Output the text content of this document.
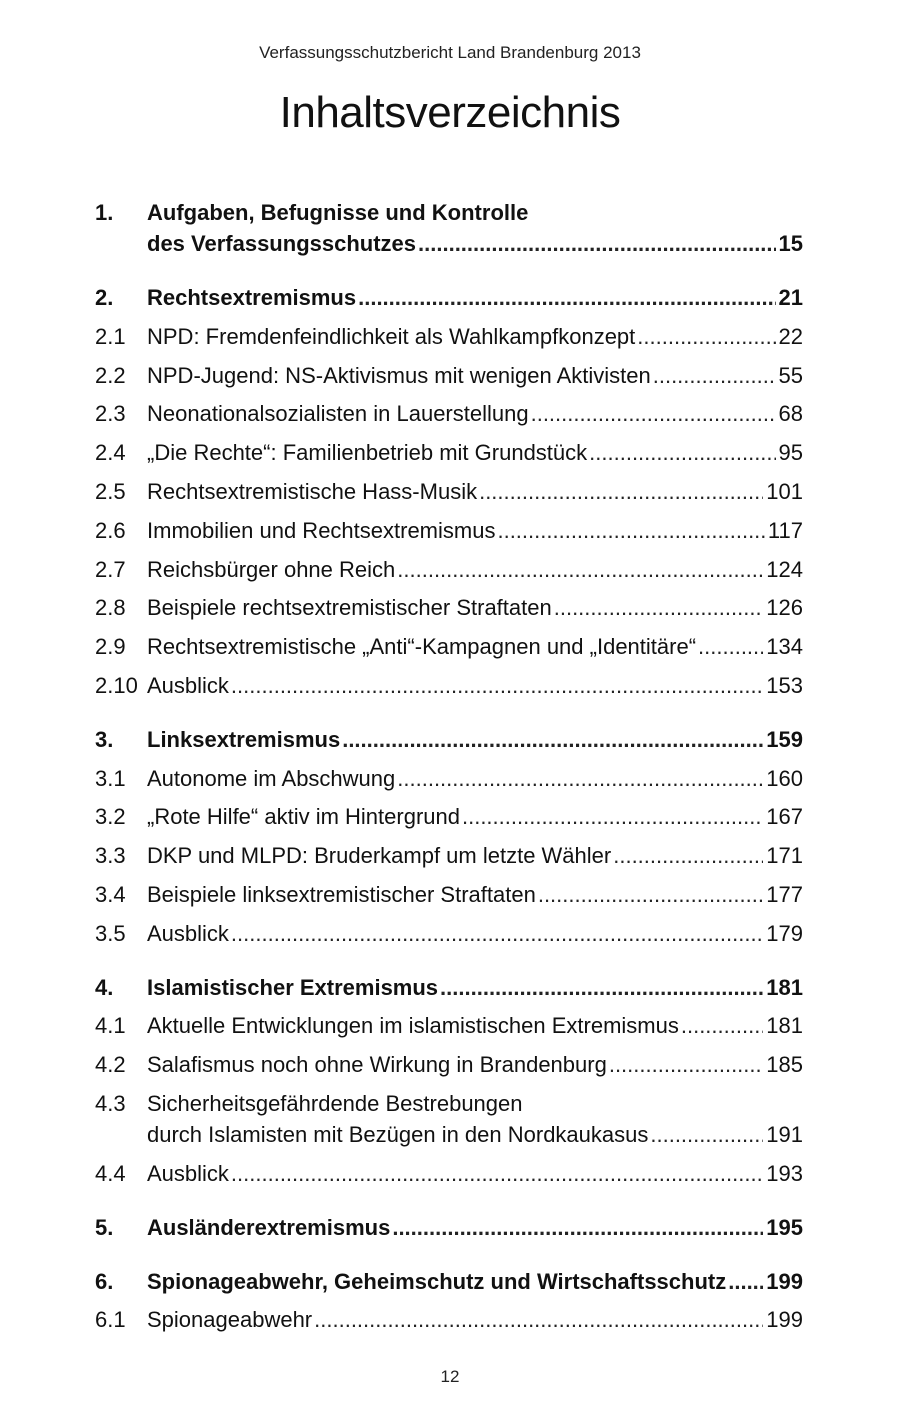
Verfassungsschutzbericht Land Brandenburg 2013
Inhaltsverzeichnis
1.	Aufgaben, Befugnisse und Kontrolle
des Verfassungsschutzes .....	15
2.	Rechtsextremismus .....	21
2.1 NPD: Fremdenfeindlichkeit als Wahlkampfkonzept .....	22
2.2 NPD-Jugend: NS-Aktivismus mit wenigen Aktivisten .....	55
2.3 Neonationalsozialisten in Lauerstellung .....	68
2.4 „Die Rechte“: Familienbetrieb mit Grundstück .....	95
2.5 Rechtsextremistische Hass-Musik .....	101
2.6 Immobilien und Rechtsextremismus .....	117
2.7 Reichsbürger ohne Reich .....	124
2.8 Beispiele rechtsextremistischer Straftaten .....	126
2.9 Rechtsextremistische „Anti“-Kampagnen und „Identitäre“ .....	134
2.10 Ausblick .....	153
3.	Linksextremismus .....	159
3.1 Autonome im Abschwung .....	160
3.2 „Rote Hilfe“ aktiv im Hintergrund .....	167
3.3 DKP und MLPD: Bruderkampf um letzte Wähler .....	171
3.4 Beispiele linksextremistischer Straftaten .....	177
3.5 Ausblick .....	179
4.	Islamistischer Extremismus .....	181
4.1 Aktuelle Entwicklungen im islamistischen Extremismus .....	181
4.2 Salafismus noch ohne Wirkung in Brandenburg .....	185
4.3 Sicherheitsgefährdende Bestrebungen
durch Islamisten mit Bezügen in den Nordkaukasus .....	191
4.4 Ausblick .....	193
5.	Ausländerextremismus .....	195
6.	Spionageabwehr, Geheimschutz und Wirtschaftsschutz ..... 199
6.1 Spionageabwehr .....	199
12
